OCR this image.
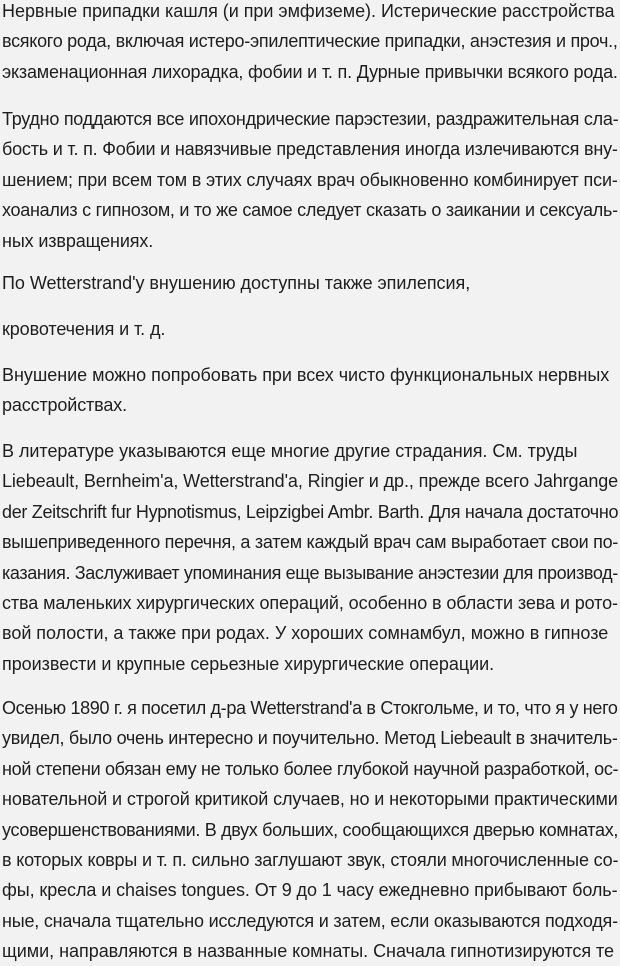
Нервные припадки кашля (и при эмфиземе). Истерические расстройства
всякого рода, включая истеро-эпилептические припадки, анэстезия и проч.,
экзаменационная лихорадка, фобии и т. п. Дурные привычки всякого рода.

Трудно поддаются все ипохондрические парэстезии, раздражительная сла-
бость и т. п. Фобии и навязчивые представления иногда излечиваются вну-
шением; при всем том в этих случаях врач обыкновенно комбинирует пси-
хоанализ с гипнозом, и то же самое следует сказать о заикании и сексуаль-
ных извращениях.

По Wetterstrand'у внушению доступны также эпилепсия,

кровотечения и т. д.

Внушение можно попробовать при всех чисто функциональных нервных
расстройствах.

В литературе указываются еще многие другие страдания. См. труды
Liebeault, Bernheim'a, Wetterstrand'a, Ringier и др., прежде всего Jahrgange
der Zeitschrift fur Hypnotismus, Leipzigbei Ambr. Barth. Для начала достаточно
вышеприведенного перечня, а затем каждый врач сам выработает свои по-
казания. Заслуживает упоминания еще вызывание анэстезии для производ-
ства маленьких хирургических операций, особенно в области зева и рото-
вой полости, а также при родах. У хороших сомнамбул, можно в гипнозе
произвести и крупные серьезные хирургические операции.

Осенью 1890 г. я посетил д-ра Wetterstrand'a в Стокгольме, и то, что я у него
увидел, было очень интересно и поучительно. Метод Liebeault в значитель-
ной степени обязан ему не только более глубокой научной разработкой, ос-
новательной и строгой критикой случаев, но и некоторыми практическими
усовершенствованиями. В двух больших, сообщающихся дверью комнатах,
в которых ковры и т. п. сильно заглушают звук, стояли многочисленные со-
фы, кресла и chaises tongues. От 9 до 1 часу ежедневно прибывают боль-
ные, сначала тщательно исследуются и затем, если оказываются подходя-
щими, направляются в названные комнаты. Сначала гипнотизируются те
